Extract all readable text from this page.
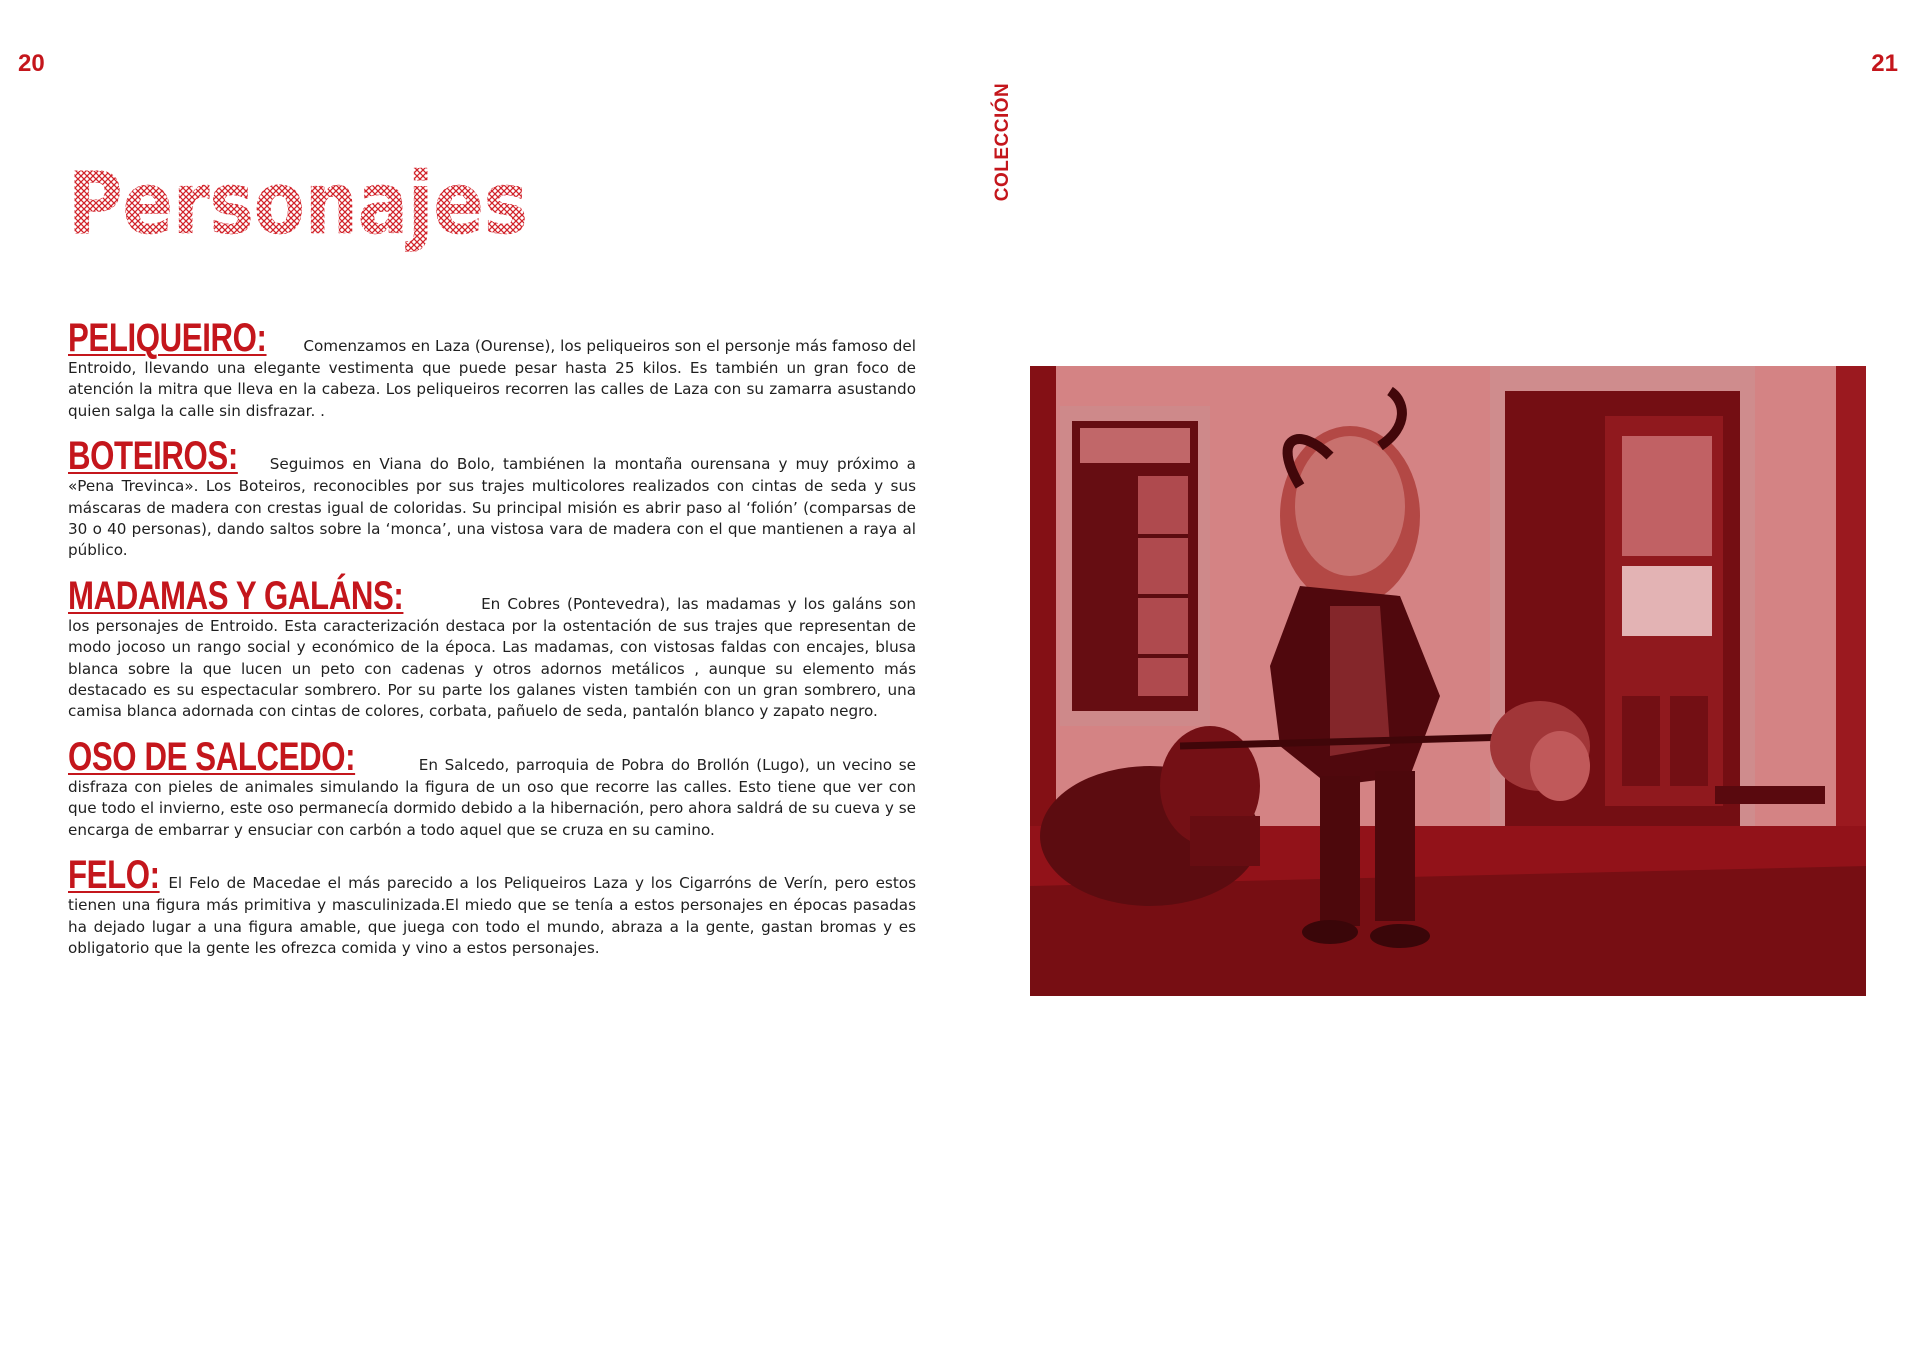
20	21
COLECCIÓN
Personajes

PELIQUEIRO: Comenzamos en Laza (Ourense), los peliqueiros son el personje más famoso del Entroido, llevando una elegante vestimenta que puede pesar hasta 25 kilos. Es también un gran foco de atención la mitra que lleva en la cabeza. Los peliqueiros recorren las calles de Laza con su zamarra asustando quien salga la calle sin disfrazar. .

BOTEIROS: Seguimos en Viana do Bolo, tambiénen la montaña ourensana y muy próximo a «Pena Trevinca». Los Boteiros, reconocibles por sus trajes multicolores realizados con cintas de seda y sus máscaras de madera con crestas igual de coloridas. Su principal misión es abrir paso al ‘folión’ (comparsas de 30 o 40 personas), dando saltos sobre la ‘monca’, una vistosa vara de madera con el que mantienen a raya al público.

MADAMAS Y GALÁNS:	En Cobres (Pontevedra), las madamas y los galáns son los personajes de Entroido. Esta caracterización destaca por la ostentación de sus trajes que representan de modo jocoso un rango social y económico de la época. Las madamas, con vistosas faldas con encajes, blusa blanca sobre la que lucen un peto con cadenas y otros adornos metálicos , aunque su elemento más destacado es su espectacular sombrero. Por su parte los galanes visten también con un gran sombrero, una camisa blanca adornada con cintas de colores, corbata, pañuelo de seda, pantalón blanco y zapato negro.

OSO DE SALCEDO:	En Salcedo, parroquia de Pobra do Brollón (Lugo), un vecino se disfraza con pieles de animales simulando la figura de un oso que recorre las calles. Esto tiene que ver con que todo el invierno, este oso permanecía dormido debido a la hibernación, pero ahora saldrá de su cueva y se encarga de embarrar y ensuciar con carbón a todo aquel que se cruza en su camino.

FELO: El Felo de Macedae el más parecido a los Peliqueiros Laza y los Cigarróns de Verín, pero estos tienen una figura más primitiva y masculinizada.El miedo que se tenía a estos personajes en épocas pasadas ha dejado lugar a una figura amable, que juega con todo el mundo, abraza a la gente, gastan bromas y es obligatorio que la gente les ofrezca comida y vino a estos personajes.
